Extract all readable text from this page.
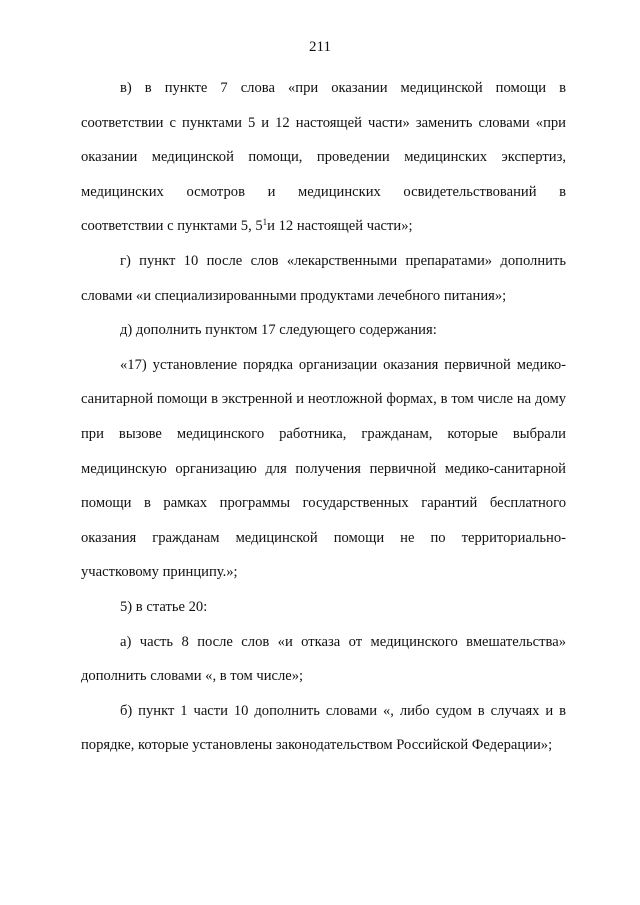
211

в) в пункте 7 слова «при оказании медицинской помощи в соответствии с пунктами 5 и 12 настоящей части» заменить словами «при оказании медицинской помощи, проведении медицинских экспертиз, медицинских осмотров и медицинских освидетельствований в

соответствии с пунктами 5, $5^1и$ 12 настоящей части»;

г) пункт 10 после слов «лекарственными препаратами» дополнить словами «и специализированными продуктами лечебного питания»;

д) дополнить пунктом 17 следующего содержания:

«17) установление порядка организации оказания первичной медико-санитарной помощи в экстренной и неотложной формах, в том числе на дому при вызове медицинского работника, гражданам, которые выбрали медицинскую организацию для получения первичной медико-санитарной помощи в рамках программы государственных гарантий бесплатного оказания гражданам медицинской помощи не по территориально-участковому принципу.»;

5) в статье 20:

а) часть 8 после слов «и отказа от медицинского вмешательства» дополнить словами «, в том числе»;

б) пункт 1 части 10 дополнить словами «, либо судом в случаях и в порядке, которые установлены законодательством Российской Федерации»;
